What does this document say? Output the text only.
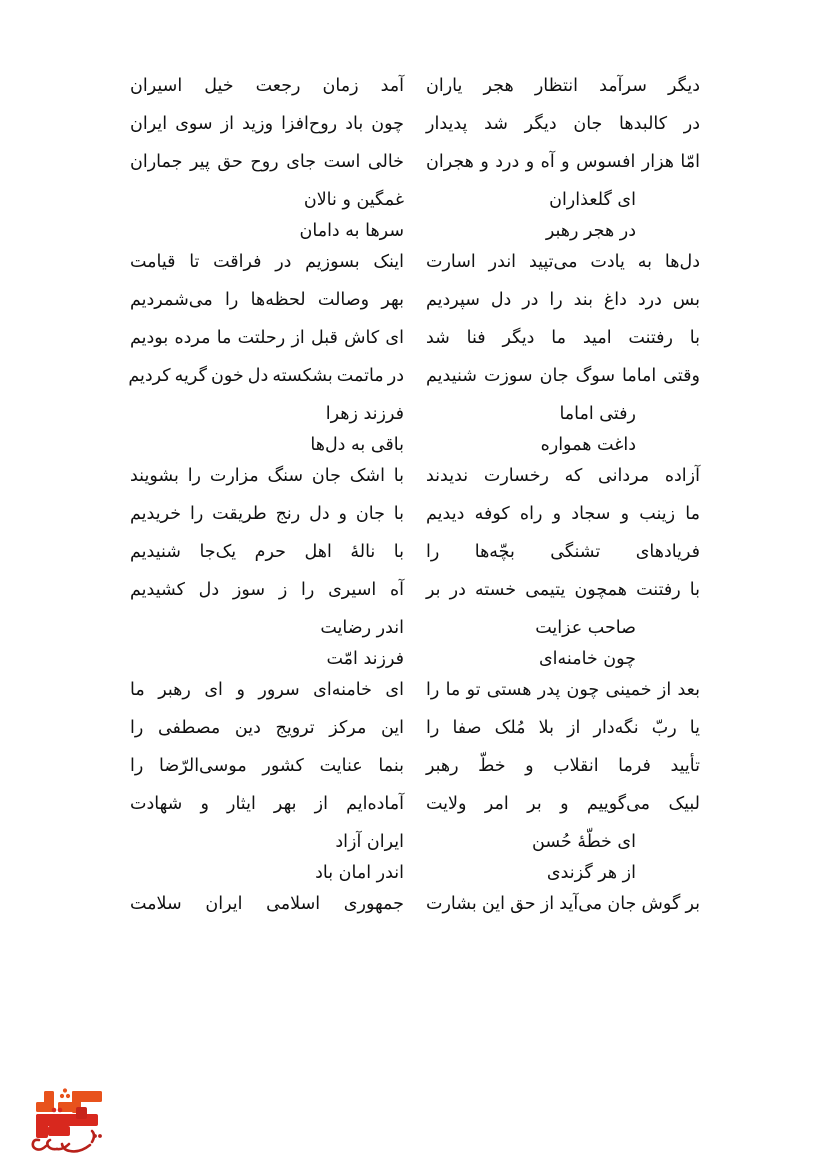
دیگر سرآمد انتظار هجر یاران
در کالبدها جان دیگر شد پدیدار
امّا هزار افسوس و آه و درد و هجران
ای گلعذاران
در هجر رهبر
دل‌ها به یادت می‌تپید اندر اسارت
بس درد داغ بند را در دل سپردیم
با رفتنت امید ما دیگر فنا شد
وقتی اماما سوگ جان سوزت شنیدیم
رفتی اماما
داغت همواره
آزاده مردانی که رخسارت ندیدند
ما زینب و سجاد و راه کوفه دیدیم
فریادهای تشنگی بچّه‌ها را
با رفتنت همچون یتیمی خسته در بر
صاحب عزایت
چون خامنه‌ای
بعد از خمینی چون پدر هستی تو ما را
یا ربّ نگه‌دار از بلا مُلک صفا را
تأیید فرما انقلاب و خطّ رهبر
لبیک می‌گوییم و بر امر ولایت
ای خطّهٔ حُسن
از هر گزندی
بر گوش جان می‌آید از حق این بشارت
آمد زمان رجعت خیل اسیران
چون باد روح‌افزا وزید از سوی ایران
خالی است جای روح حق پیر جماران
غمگین و نالان
سرها به دامان
اینک بسوزیم در فراقت تا قیامت
بهر وصالت لحظه‌ها را می‌شمردیم
ای کاش قبل از رحلتت ما مرده بودیم
در ماتمت بشکسته دل خون گریه کردیم
فرزند زهرا
باقی به دل‌ها
با اشک جان سنگ مزارت را بشویند
با جان و دل رنج طریقت را خریدیم
با نالهٔ اهل حرم یک‌جا شنیدیم
آه اسیری را ز سوز دل کشیدیم
اندر رضایت
فرزند امّت
ای خامنه‌ای سرور و ای رهبر ما
این مرکز ترویج دین مصطفی را
بنما عنایت کشور موسی‌الرّضا را
آماده‌ایم از بهر ایثار و شهادت
ایران آزاد
اندر امان باد
جمهوری اسلامی ایران سلامت
